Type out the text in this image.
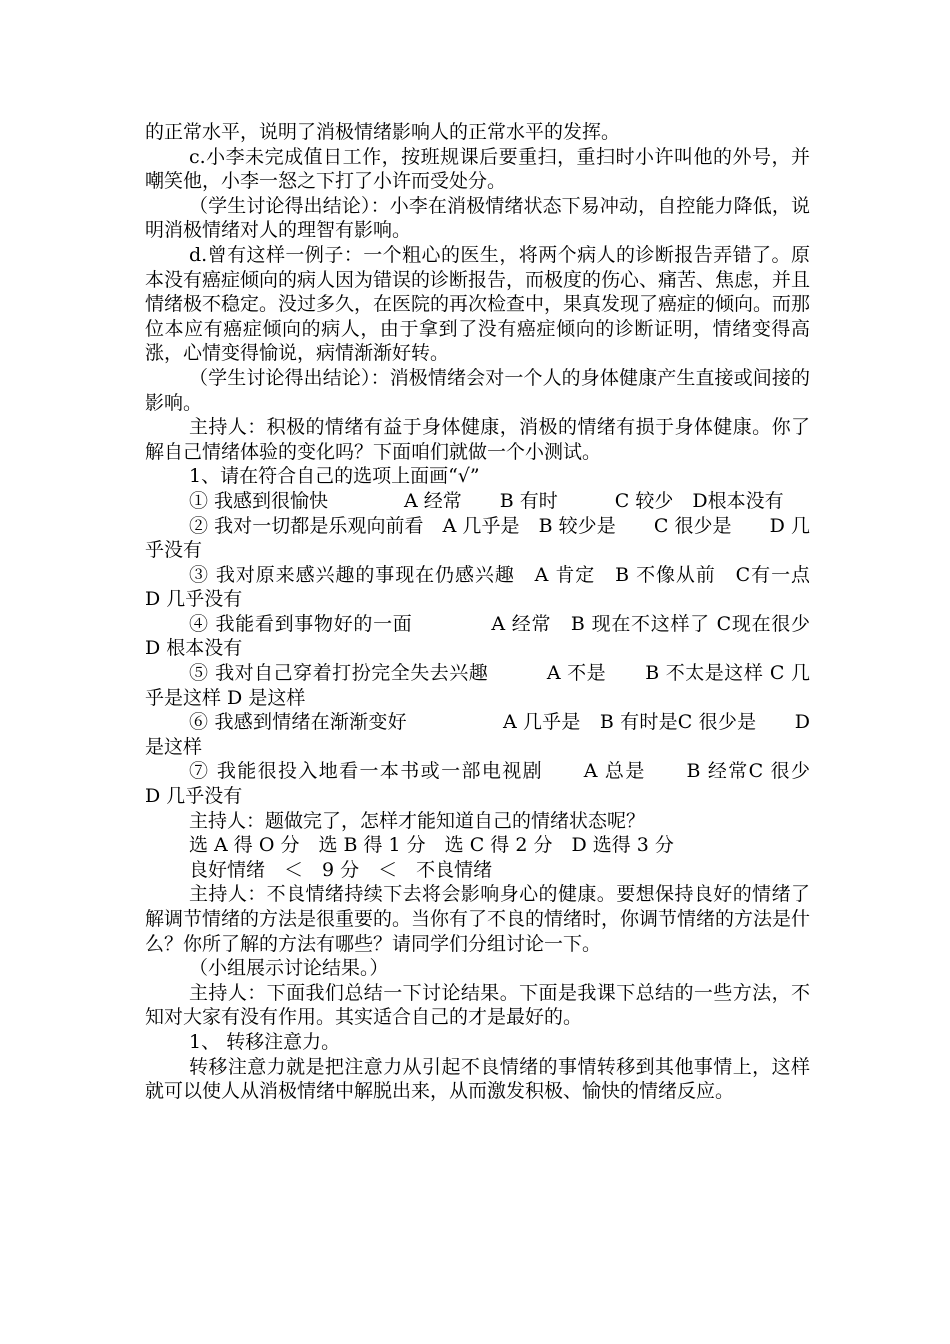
的正常水平，说明了消极情绪影响人的正常水平的发挥。

c.小李未完成值日工作，按班规课后要重扫，重扫时小许叫他的外号，并嘲笑他，小李一怒之下打了小许而受处分。

（学生讨论得出结论）：小李在消极情绪状态下易冲动，自控能力降低，说明消极情绪对人的理智有影响。

d.曾有这样一例子：一个粗心的医生，将两个病人的诊断报告弄错了。原本没有癌症倾向的病人因为错误的诊断报告，而极度的伤心、痛苦、焦虑，并且情绪极不稳定。没过多久，在医院的再次检查中，果真发现了癌症的倾向。而那位本应有癌症倾向的病人，由于拿到了没有癌症倾向的诊断证明，情绪变得高涨，心情变得愉说，病情渐渐好转。

（学生讨论得出结论）：消极情绪会对一个人的身体健康产生直接或间接的影响。

主持人：积极的情绪有益于身体健康，消极的情绪有损于身体健康。你了解自己情绪体验的变化吗？下面咱们就做一个小测试。

1、请在符合自己的选项上面画“√”

① 我感到很愉快　　　　A 经常　　B 有时　　　C 较少　D根本没有

② 我对一切都是乐观向前看　A 几乎是　B 较少是　　C 很少是　　D 几乎没有

③ 我对原来感兴趣的事现在仍感兴趣　A 肯定　B 不像从前　C有一点　D 几乎没有

④ 我能看到事物好的一面　　　　A 经常　B 现在不这样了 C现在很少　D 根本没有

⑤ 我对自己穿着打扮完全失去兴趣　　　A 不是　　B 不太是这样 C 几乎是这样 D 是这样

⑥ 我感到情绪在渐渐变好　　　　　A 几乎是　B 有时是C 很少是　　D 是这样

⑦ 我能很投入地看一本书或一部电视剧　　A 总是　　B 经常C 很少　　D 几乎没有

主持人：题做完了，怎样才能知道自己的情绪状态呢？

选 A 得 O 分　选 B 得 1 分　选 C 得 2 分　D 选得 3 分

良好情绪　＜　9 分　＜　不良情绪

主持人：不良情绪持续下去将会影响身心的健康。要想保持良好的情绪了解调节情绪的方法是很重要的。当你有了不良的情绪时，你调节情绪的方法是什么？你所了解的方法有哪些？请同学们分组讨论一下。

（小组展示讨论结果。）

主持人：下面我们总结一下讨论结果。下面是我课下总结的一些方法，不知对大家有没有作用。其实适合自己的才是最好的。

1、 转移注意力。

转移注意力就是把注意力从引起不良情绪的事情转移到其他事情上，这样就可以使人从消极情绪中解脱出来，从而激发积极、愉快的情绪反应。
